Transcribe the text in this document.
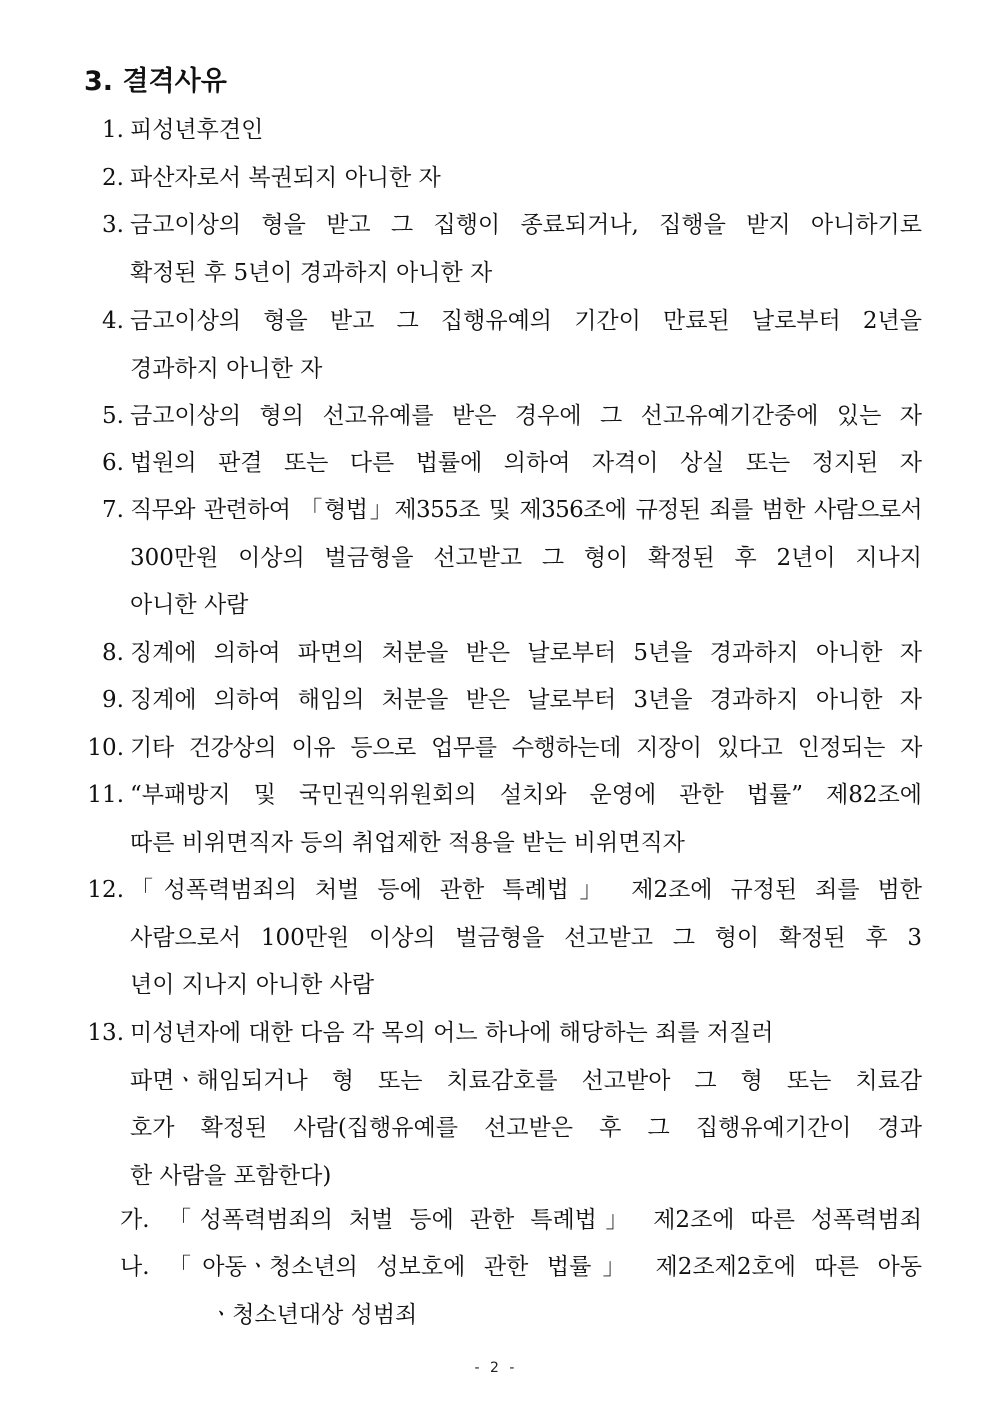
3. 결격사유
1. 피성년후견인
2. 파산자로서 복권되지 아니한 자
3. 금고이상의 형을 받고 그 집행이 종료되거나, 집행을 받지 아니하기로
확정된 후 5년이 경과하지 아니한 자
4. 금고이상의 형을 받고 그 집행유예의 기간이 만료된 날로부터 2년을
경과하지 아니한 자
5. 금고이상의 형의 선고유예를 받은 경우에 그 선고유예기간중에 있는 자
6. 법원의 판결 또는 다른 법률에 의하여 자격이 상실 또는 정지된 자
7. 직무와 관련하여 「형법」제355조 및 제356조에 규정된 죄를 범한 사람으로서
300만원 이상의 벌금형을 선고받고 그 형이 확정된 후 2년이 지나지
아니한 사람
8. 징계에 의하여 파면의 처분을 받은 날로부터 5년을 경과하지 아니한 자
9. 징계에 의하여 해임의 처분을 받은 날로부터 3년을 경과하지 아니한 자
10. 기타 건강상의 이유 등으로 업무를 수행하는데 지장이 있다고 인정되는 자
11. “부패방지 및 국민권익위원회의 설치와 운영에 관한 법률” 제82조에
따른 비위면직자 등의 취업제한 적용을 받는 비위면직자
12. 「성폭력범죄의 처벌 등에 관한 특례법」 제2조에 규정된 죄를 범한
사람으로서 100만원 이상의 벌금형을 선고받고 그 형이 확정된 후 3
년이 지나지 아니한 사람
13. 미성년자에 대한 다음 각 목의 어느 하나에 해당하는 죄를 저질러
파면ㆍ해임되거나 형 또는 치료감호를 선고받아 그 형 또는 치료감
호가 확정된 사람(집행유예를 선고받은 후 그 집행유예기간이 경과
한 사람을 포함한다)
가. 「성폭력범죄의 처벌 등에 관한 특례법」 제2조에 따른 성폭력범죄
나. 「아동ㆍ청소년의 성보호에 관한 법률」 제2조제2호에 따른 아동
ㆍ청소년대상 성범죄
- 2 -
